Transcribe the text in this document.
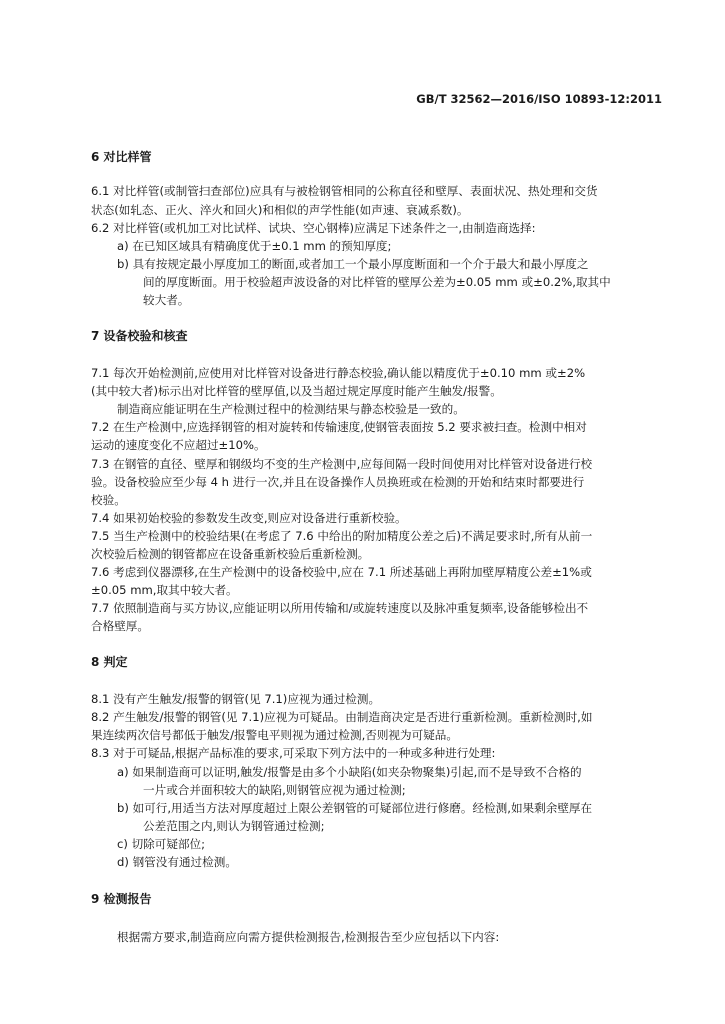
GB/T 32562—2016/ISO 10893-12:2011
6 对比样管
6.1 对比样管(或制管扫查部位)应具有与被检钢管相同的公称直径和壁厚、表面状况、热处理和交货
状态(如轧态、正火、淬火和回火)和相似的声学性能(如声速、衰减系数)。
6.2 对比样管(或机加工对比试样、试块、空心钢棒)应满足下述条件之一,由制造商选择:
a) 在已知区域具有精确度优于±0.1 mm 的预知厚度;
b) 具有按规定最小厚度加工的断面,或者加工一个最小厚度断面和一个介于最大和最小厚度之
间的厚度断面。用于校验超声波设备的对比样管的壁厚公差为±0.05 mm 或±0.2%,取其中
较大者。
7 设备校验和核查
7.1 每次开始检测前,应使用对比样管对设备进行静态校验,确认能以精度优于±0.10 mm 或±2%
(其中较大者)标示出对比样管的壁厚值,以及当超过规定厚度时能产生触发/报警。
制造商应能证明在生产检测过程中的检测结果与静态校验是一致的。
7.2 在生产检测中,应选择钢管的相对旋转和传输速度,使钢管表面按 5.2 要求被扫查。检测中相对
运动的速度变化不应超过±10%。
7.3 在钢管的直径、壁厚和钢级均不变的生产检测中,应每间隔一段时间使用对比样管对设备进行校
验。设备校验应至少每 4 h 进行一次,并且在设备操作人员换班或在检测的开始和结束时都要进行
校验。
7.4 如果初始校验的参数发生改变,则应对设备进行重新校验。
7.5 当生产检测中的校验结果(在考虑了 7.6 中给出的附加精度公差之后)不满足要求时,所有从前一
次校验后检测的钢管都应在设备重新校验后重新检测。
7.6 考虑到仪器漂移,在生产检测中的设备校验中,应在 7.1 所述基础上再附加壁厚精度公差±1%或
±0.05 mm,取其中较大者。
7.7 依照制造商与买方协议,应能证明以所用传输和/或旋转速度以及脉冲重复频率,设备能够检出不
合格壁厚。
8 判定
8.1 没有产生触发/报警的钢管(见 7.1)应视为通过检测。
8.2 产生触发/报警的钢管(见 7.1)应视为可疑品。由制造商决定是否进行重新检测。重新检测时,如
果连续两次信号都低于触发/报警电平则视为通过检测,否则视为可疑品。
8.3 对于可疑品,根据产品标准的要求,可采取下列方法中的一种或多种进行处理:
a) 如果制造商可以证明,触发/报警是由多个小缺陷(如夹杂物聚集)引起,而不是导致不合格的
一片或合并面积较大的缺陷,则钢管应视为通过检测;
b) 如可行,用适当方法对厚度超过上限公差钢管的可疑部位进行修磨。经检测,如果剩余壁厚在
公差范围之内,则认为钢管通过检测;
c) 切除可疑部位;
d) 钢管没有通过检测。
9 检测报告
根据需方要求,制造商应向需方提供检测报告,检测报告至少应包括以下内容:
